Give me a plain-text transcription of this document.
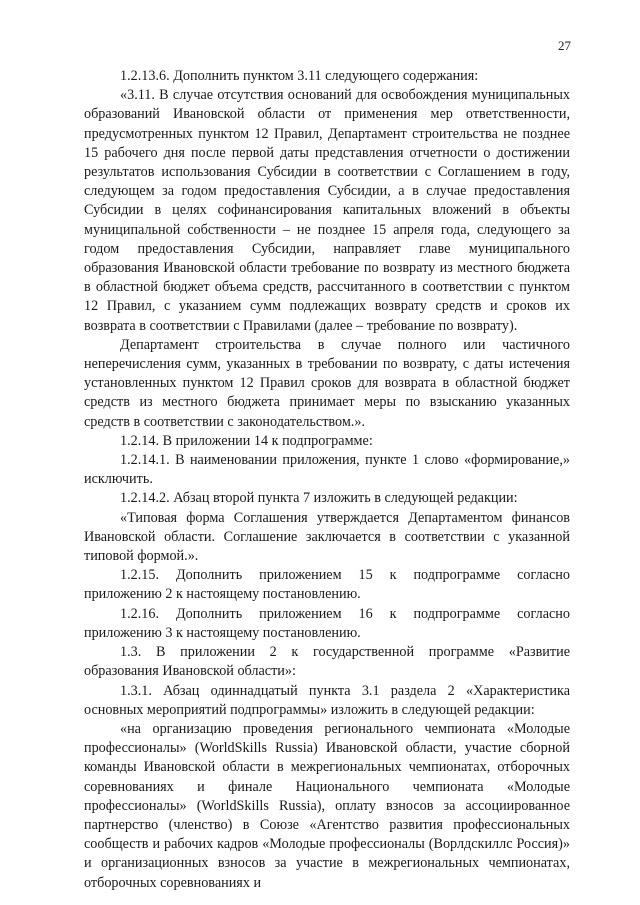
27

1.2.13.6. Дополнить пунктом 3.11 следующего содержания:

«3.11. В случае отсутствия оснований для освобождения муниципальных образований Ивановской области от применения мер ответственности, предусмотренных пунктом 12 Правил, Департамент строительства не позднее 15 рабочего дня после первой даты представления отчетности о достижении результатов использования Субсидии в соответствии с Соглашением в году, следующем за годом предоставления Субсидии, а в случае предоставления Субсидии в целях софинансирования капитальных вложений в объекты муниципальной собственности – не позднее 15 апреля года, следующего за годом предоставления Субсидии, направляет главе муниципального образования Ивановской области требование по возврату из местного бюджета в областной бюджет объема средств, рассчитанного в соответствии с пунктом 12 Правил, с указанием сумм подлежащих возврату средств и сроков их возврата в соответствии с Правилами (далее – требование по возврату).

Департамент строительства в случае полного или частичного неперечисления сумм, указанных в требовании по возврату, с даты истечения установленных пунктом 12 Правил сроков для возврата в областной бюджет средств из местного бюджета принимает меры по взысканию указанных средств в соответствии с законодательством.».

1.2.14. В приложении 14 к подпрограмме:

1.2.14.1. В наименовании приложения, пункте 1 слово «формирование,» исключить.

1.2.14.2. Абзац второй пункта 7 изложить в следующей редакции:

«Типовая форма Соглашения утверждается Департаментом финансов Ивановской области. Соглашение заключается в соответствии с указанной типовой формой.».

1.2.15. Дополнить приложением 15 к подпрограмме согласно приложению 2 к настоящему постановлению.

1.2.16. Дополнить приложением 16 к подпрограмме согласно приложению 3 к настоящему постановлению.

1.3. В приложении 2 к государственной программе «Развитие образования Ивановской области»:

1.3.1. Абзац одиннадцатый пункта 3.1 раздела 2 «Характеристика основных мероприятий подпрограммы» изложить в следующей редакции:

«на организацию проведения регионального чемпионата «Молодые профессионалы» (WorldSkills Russia) Ивановской области, участие сборной команды Ивановской области в межрегиональных чемпионатах, отборочных соревнованиях и финале Национального чемпионата «Молодые профессионалы» (WorldSkills Russia), оплату взносов за ассоциированное партнерство (членство) в Союзе «Агентство развития профессиональных сообществ и рабочих кадров «Молодые профессионалы (Ворлдскиллс Россия)» и организационных взносов за участие в межрегиональных чемпионатах, отборочных соревнованиях и
